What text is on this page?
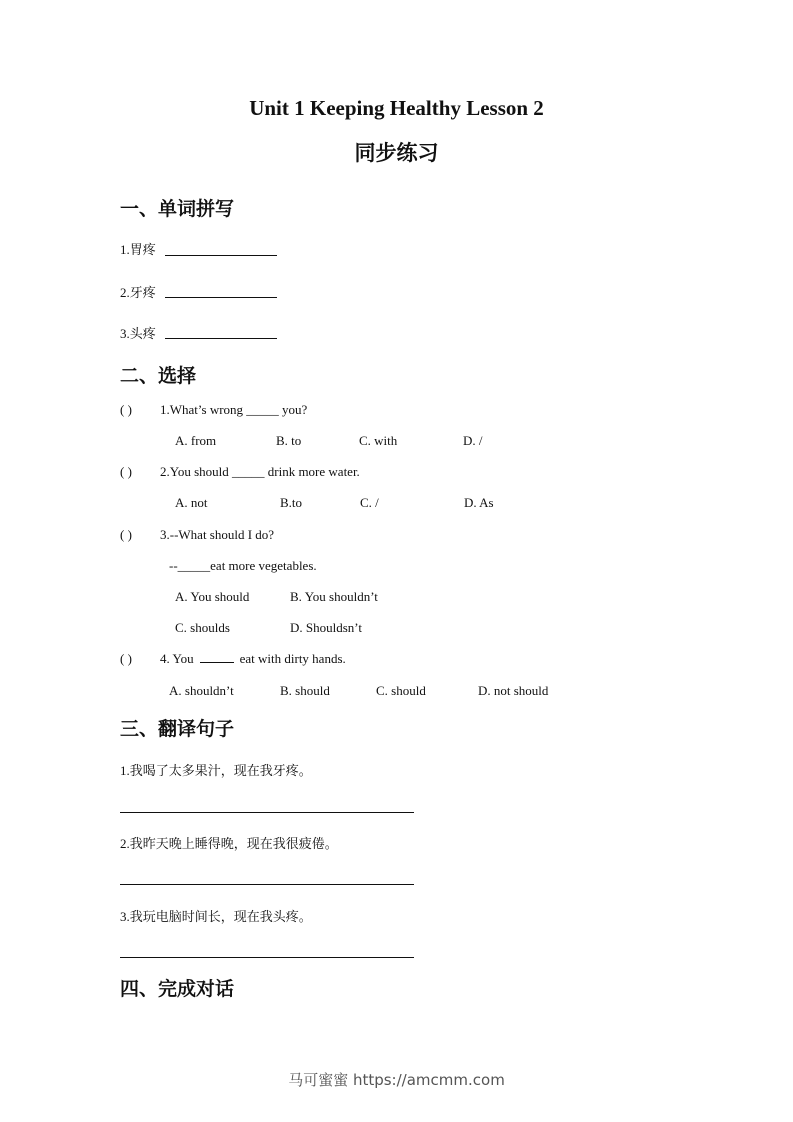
Unit 1 Keeping Healthy Lesson 2
同步练习
一、单词拼写
1.胃疼
2.牙疼
3.头疼
二、选择
( ) 1.What’s wrong _____ you?
A. from	B. to	C. with	D. /
( ) 2.You should _____ drink more water.
A. not	B.to	C. /	D. As
( ) 3.--What should I do?
--_____eat more vegetables.
A. You should	B. You shouldn’t
C. shoulds	D. Shouldsn’t
( ) 4. You	eat with dirty hands.
A. shouldn’t	B. should	C. should	D. not should
三、翻译句子
1.我喝了太多果汁，现在我牙疼。
2.我昨天晚上睡得晚，现在我很疲倦。
3.我玩电脑时间长，现在我头疼。
四、完成对话
马可蜜蜜 https://amcmm.com
